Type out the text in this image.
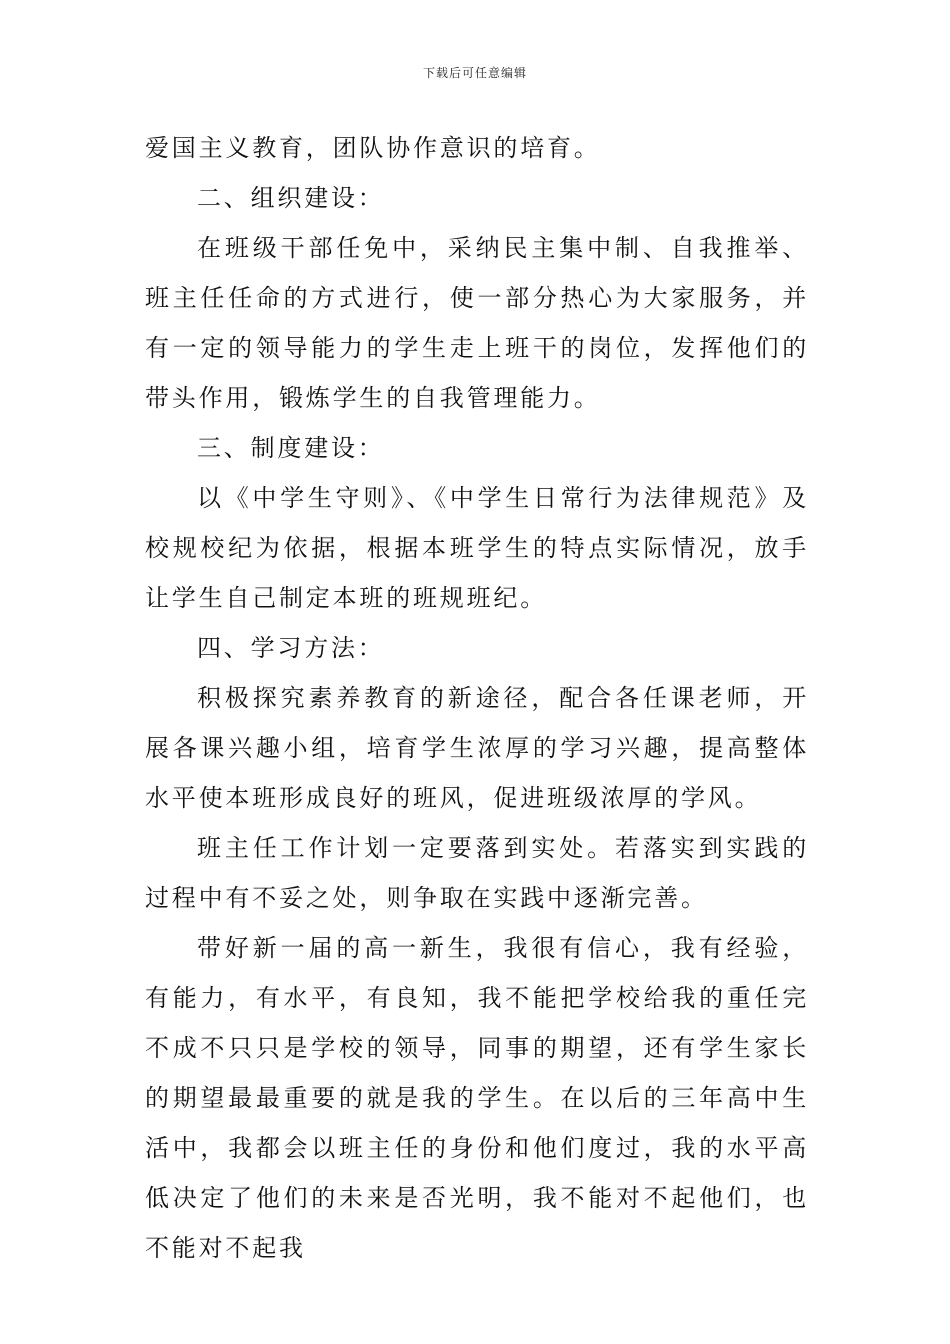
下载后可任意编辑

爱国主义教育，团队协作意识的培育。

二、组织建设：

在班级干部任免中，采纳民主集中制、自我推举、班主任任命的方式进行，使一部分热心为大家服务，并有一定的领导能力的学生走上班干的岗位，发挥他们的带头作用，锻炼学生的自我管理能力。

三、制度建设：

以《中学生守则》、《中学生日常行为法律规范》及校规校纪为依据，根据本班学生的特点实际情况，放手让学生自己制定本班的班规班纪。

四、学习方法：

积极探究素养教育的新途径，配合各任课老师，开展各课兴趣小组，培育学生浓厚的学习兴趣，提高整体水平使本班形成良好的班风，促进班级浓厚的学风。

班主任工作计划一定要落到实处。若落实到实践的过程中有不妥之处，则争取在实践中逐渐完善。

带好新一届的高一新生，我很有信心，我有经验，有能力，有水平，有良知，我不能把学校给我的重任完不成不只只是学校的领导，同事的期望，还有学生家长的期望最最重要的就是我的学生。在以后的三年高中生活中，我都会以班主任的身份和他们度过，我的水平高低决定了他们的未来是否光明，我不能对不起他们，也不能对不起我
